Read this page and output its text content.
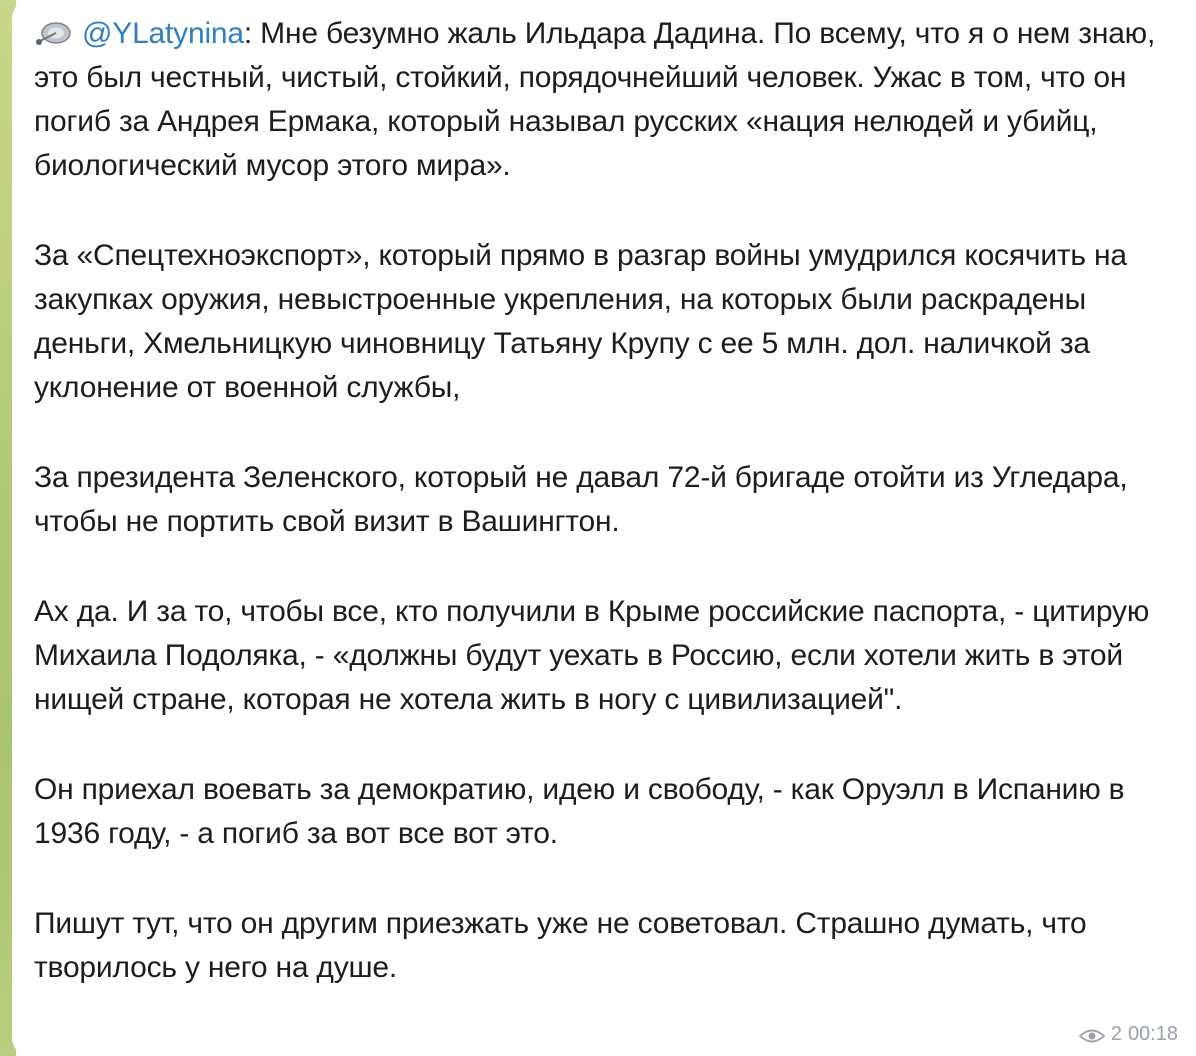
@YLatynina: Мне безумно жаль Ильдара Дадина. По всему, что я о нем знаю, это был честный, чистый, стойкий, порядочнейший человек. Ужас в том, что он погиб за Андрея Ермака, который называл русских «нация нелюдей и убийц, биологический мусор этого мира».

За «Спецтехноэкспорт», который прямо в разгар войны умудрился косячить на закупках оружия, невыстроенные укрепления, на которых были раскрадены деньги, Хмельницкую чиновницу Татьяну Крупу с ее 5 млн. дол. наличкой за уклонение от военной службы,

За президента Зеленского, который не давал 72-й бригаде отойти из Угледара, чтобы не портить свой визит в Вашингтон.

Ах да. И за то, чтобы все, кто получили в Крыме российские паспорта, - цитирую Михаила Подоляка, - «должны будут уехать в Россию, если хотели жить в этой нищей стране, которая не хотела жить в ногу с цивилизацией".

Он приехал воевать за демократию, идею и свободу, - как Оруэлл в Испанию в 1936 году, - а погиб за вот все вот это.

Пишут тут, что он другим приезжать уже не советовал. Страшно думать, что творилось у него на душе.

2 00:18
